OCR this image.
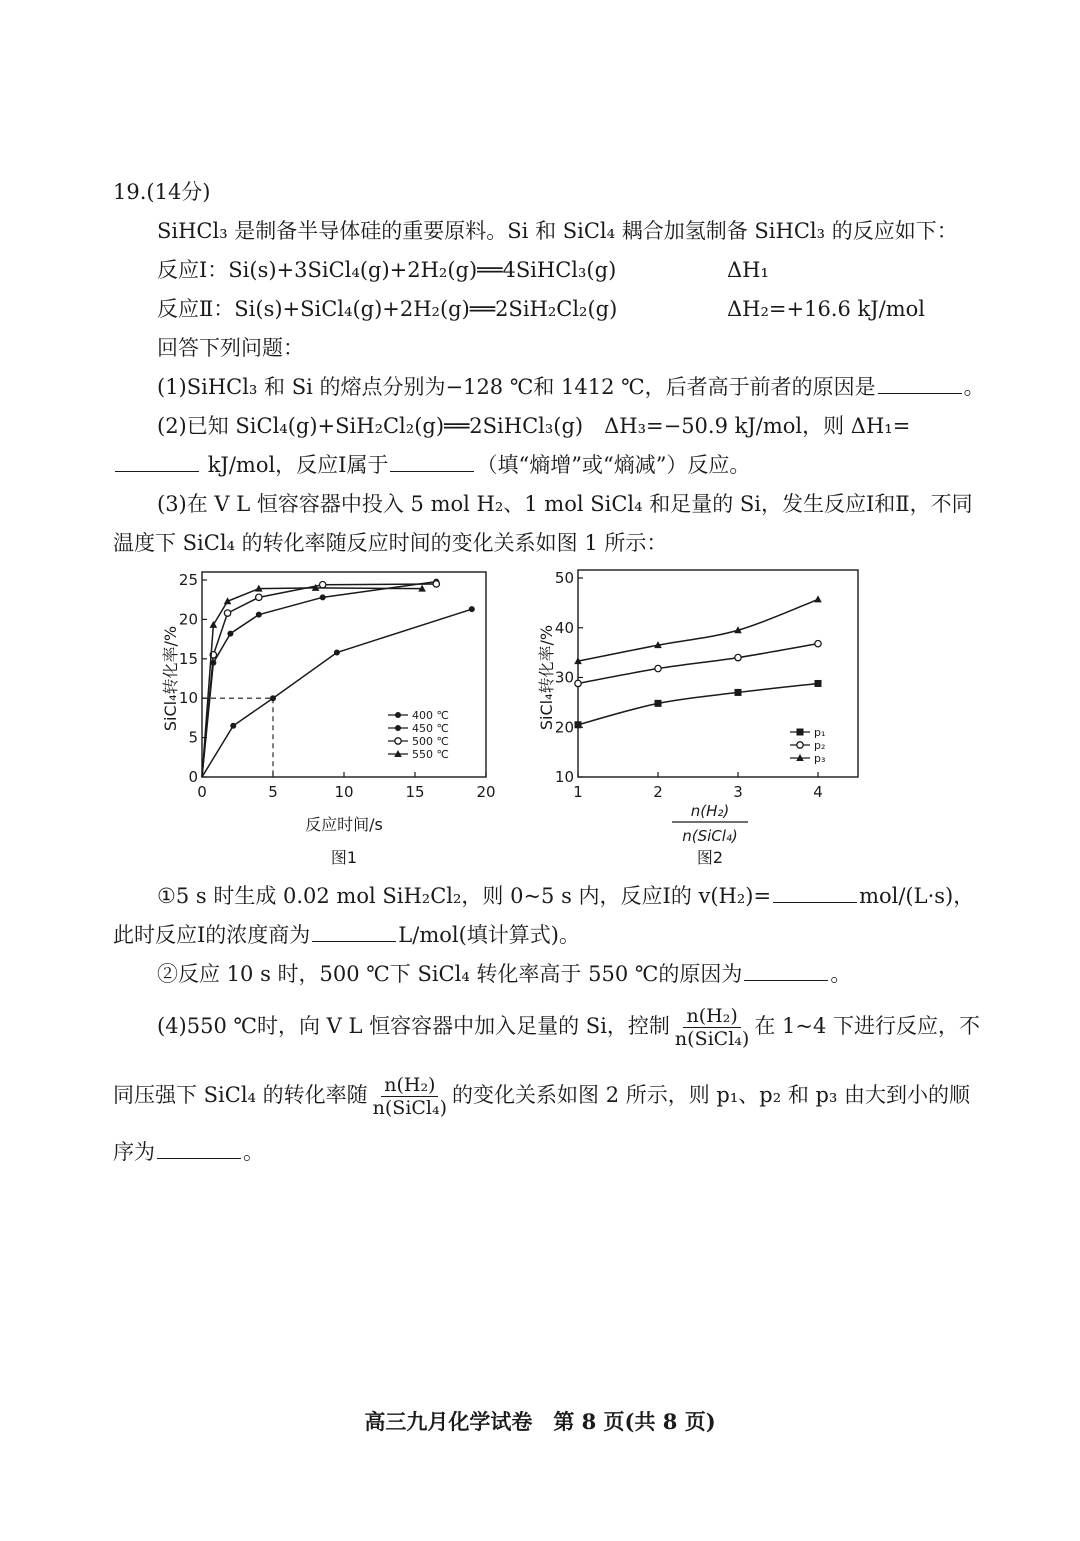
19.(14分)
SiHCl₃ 是制备半导体硅的重要原料。Si 和 SiCl₄ 耦合加氢制备 SiHCl₃ 的反应如下：
反应Ⅰ：Si(s)+3SiCl₄(g)+2H₂(g)══4SiHCl₃(g)	ΔH₁
反应Ⅱ：Si(s)+SiCl₄(g)+2H₂(g)══2SiH₂Cl₂(g)	ΔH₂=+16.6 kJ/mol
回答下列问题：
(1)SiHCl₃ 和 Si 的熔点分别为−128 ℃和 1412 ℃，后者高于前者的原因是	。
(2)已知 SiCl₄(g)+SiH₂Cl₂(g)══2SiHCl₃(g)　ΔH₃=−50.9 kJ/mol，则 ΔH₁=
kJ/mol，反应Ⅰ属于	（填“熵增”或“熵减”）反应。
(3)在 V L 恒容容器中投入 5 mol H₂、1 mol SiCl₄ 和足量的 Si，发生反应Ⅰ和Ⅱ，不同
温度下 SiCl₄ 的转化率随反应时间的变化关系如图 1 所示：
0	5	10	15	20
0
5
10
15
20
25
SiCl₄转化率/%	400 ℃
450 ℃
500 ℃
550 ℃
反应时间/s
图1
1	2	3	4
10
20
30
40
50
SiCl₄转化率/%
p₁
p₂
p₃
n(H₂)
n(SiCl₄)
图2
①5 s 时生成 0.02 mol SiH₂Cl₂，则 0~5 s 内，反应Ⅰ的 v(H₂)=	mol/(L·s)，
此时反应Ⅰ的浓度商为	L/mol(填计算式)。
②反应 10 s 时，500 ℃下 SiCl₄ 转化率高于 550 ℃的原因为	。
(4)550 ℃时，向 V L 恒容容器中加入足量的 Si，控制 $\frac{\text{n(H₂)}}{\text{n(SiCl₄)}}$ 在 1~4 下进行反应，不
同压强下 SiCl₄ 的转化率随 $\frac{\text{n(H₂)}}{\text{n(SiCl₄)}}$ 的变化关系如图 2 所示，则 p₁、p₂ 和 p₃ 由大到小的顺
序为	。
高三九月化学试卷　第 8 页(共 8 页)
